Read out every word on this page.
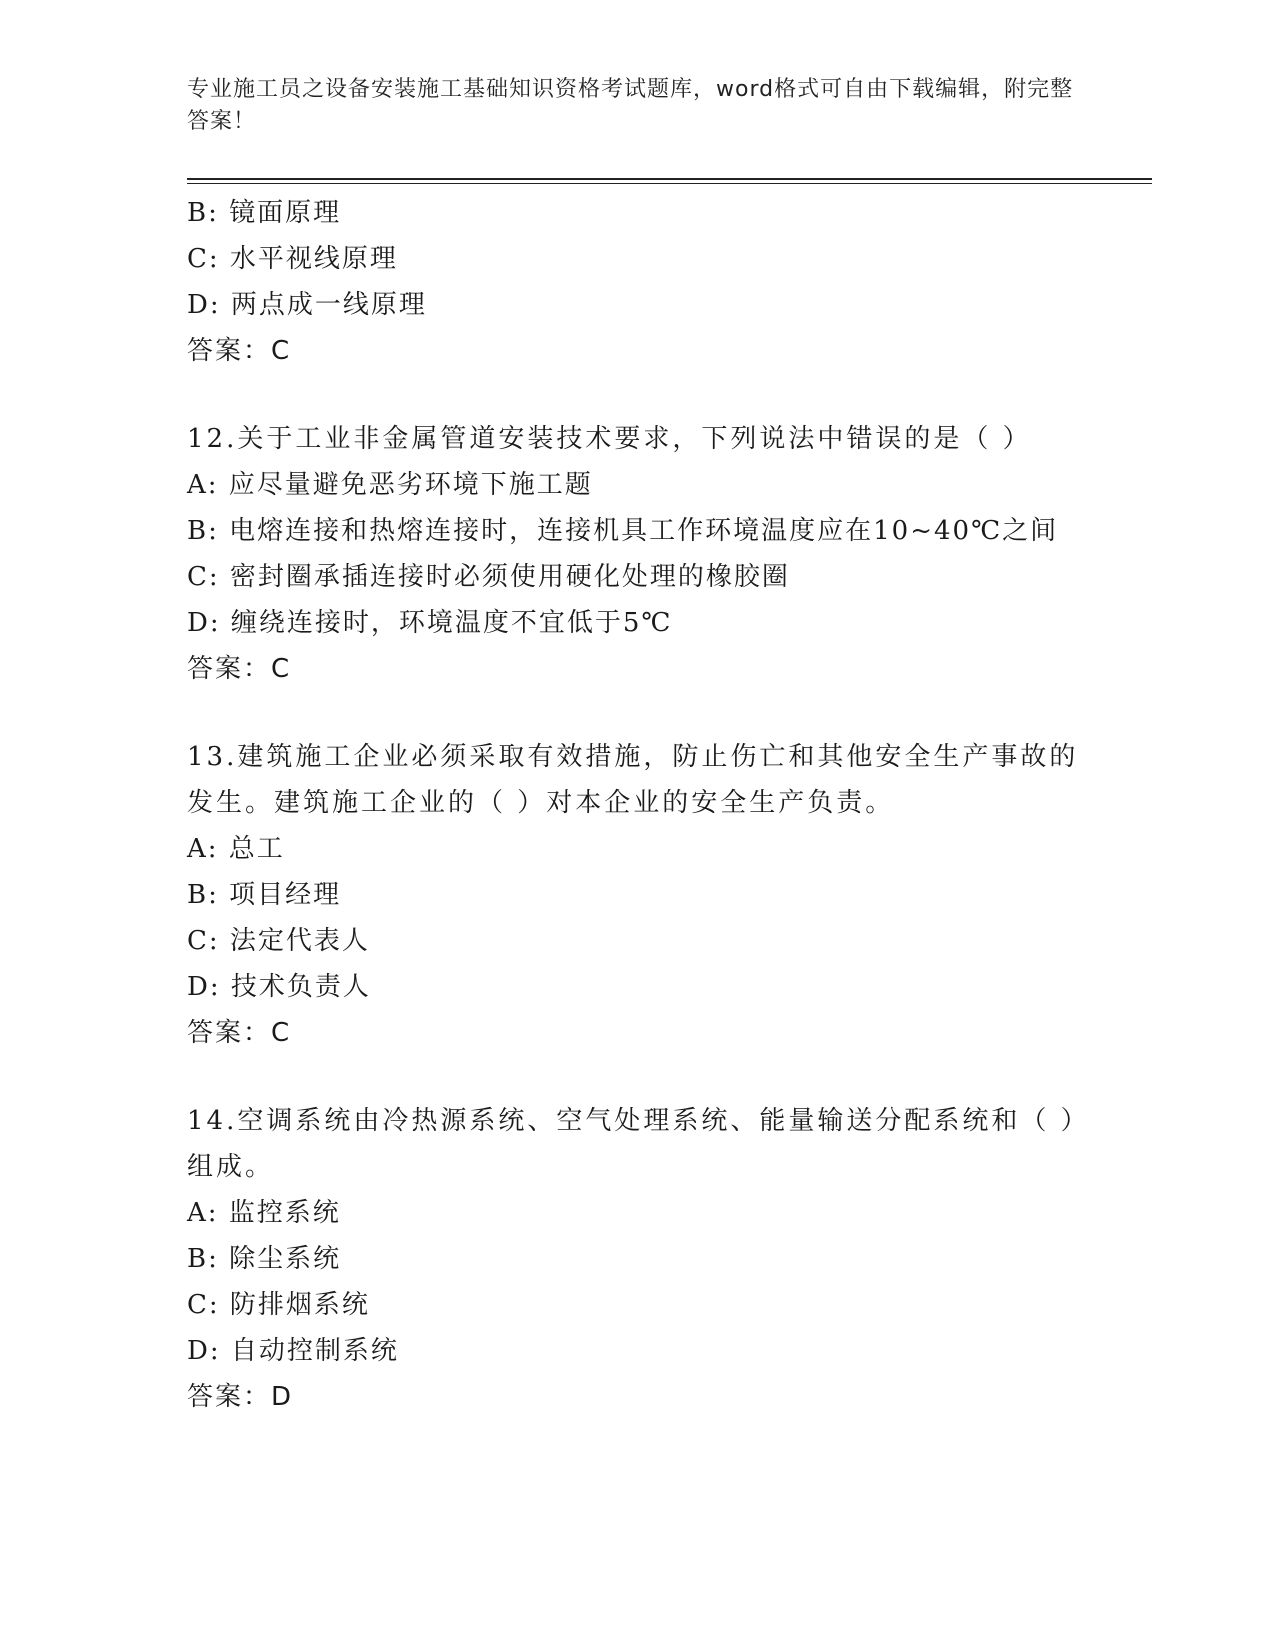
专业施工员之设备安装施工基础知识资格考试题库，word格式可自由下载编辑，附完整答案！
B: 镜面原理
C: 水平视线原理
D: 两点成一线原理
答案：C
12.关于工业非金属管道安装技术要求，下列说法中错误的是（ ）
A: 应尽量避免恶劣环境下施工题
B: 电熔连接和热熔连接时，连接机具工作环境温度应在10~40℃之间
C: 密封圈承插连接时必须使用硬化处理的橡胶圈
D: 缠绕连接时，环境温度不宜低于5℃
答案：C
13.建筑施工企业必须采取有效措施，防止伤亡和其他安全生产事故的发生。建筑施工企业的（ ）对本企业的安全生产负责。
A: 总工
B: 项目经理
C: 法定代表人
D: 技术负责人
答案：C
14.空调系统由冷热源系统、空气处理系统、能量输送分配系统和（ ）组成。
A: 监控系统
B: 除尘系统
C: 防排烟系统
D: 自动控制系统
答案：D
